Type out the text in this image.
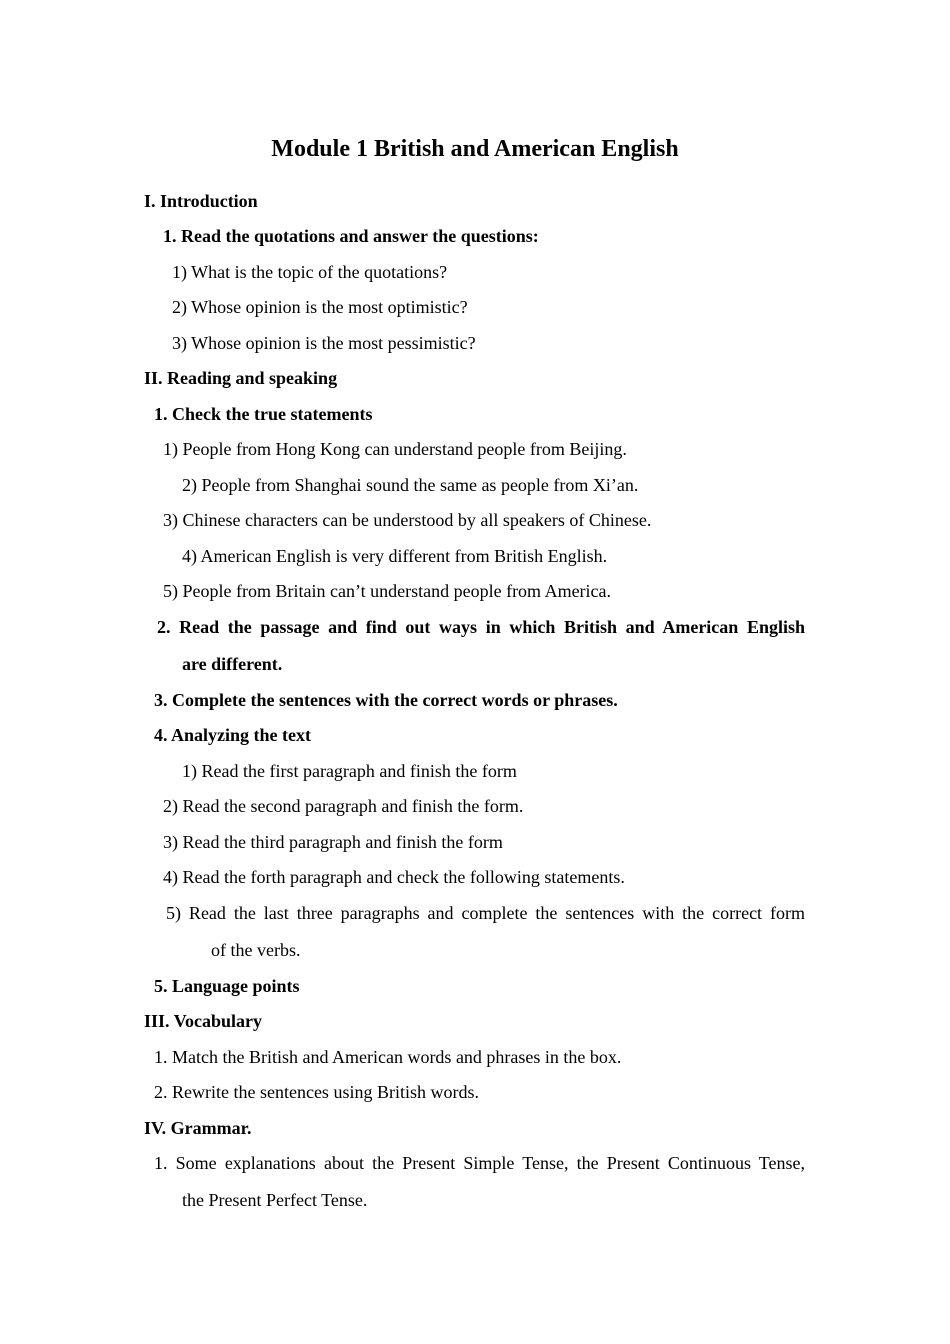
Module 1 British and American English
I. Introduction
1. Read the quotations and answer the questions:
1) What is the topic of the quotations?
2) Whose opinion is the most optimistic?
3) Whose opinion is the most pessimistic?
II. Reading and speaking
1. Check the true statements
1) People from Hong Kong can understand people from Beijing.
2) People from Shanghai sound the same as people from Xi’an.
3) Chinese characters can be understood by all speakers of Chinese.
4) American English is very different from British English.
5) People from Britain can’t understand people from America.
2. Read the passage and find out ways in which British and American English
are different.
3. Complete the sentences with the correct words or phrases.
4. Analyzing the text
1) Read the first paragraph and finish the form
2) Read the second paragraph and finish the form.
3) Read the third paragraph and finish the form
4) Read the forth paragraph and check the following statements.
5) Read the last three paragraphs and complete the sentences with the correct form
of the verbs.
5. Language points
III. Vocabulary
1. Match the British and American words and phrases in the box.
2. Rewrite the sentences using British words.
IV. Grammar.
1. Some explanations about the Present Simple Tense, the Present Continuous Tense,
the Present Perfect Tense.
